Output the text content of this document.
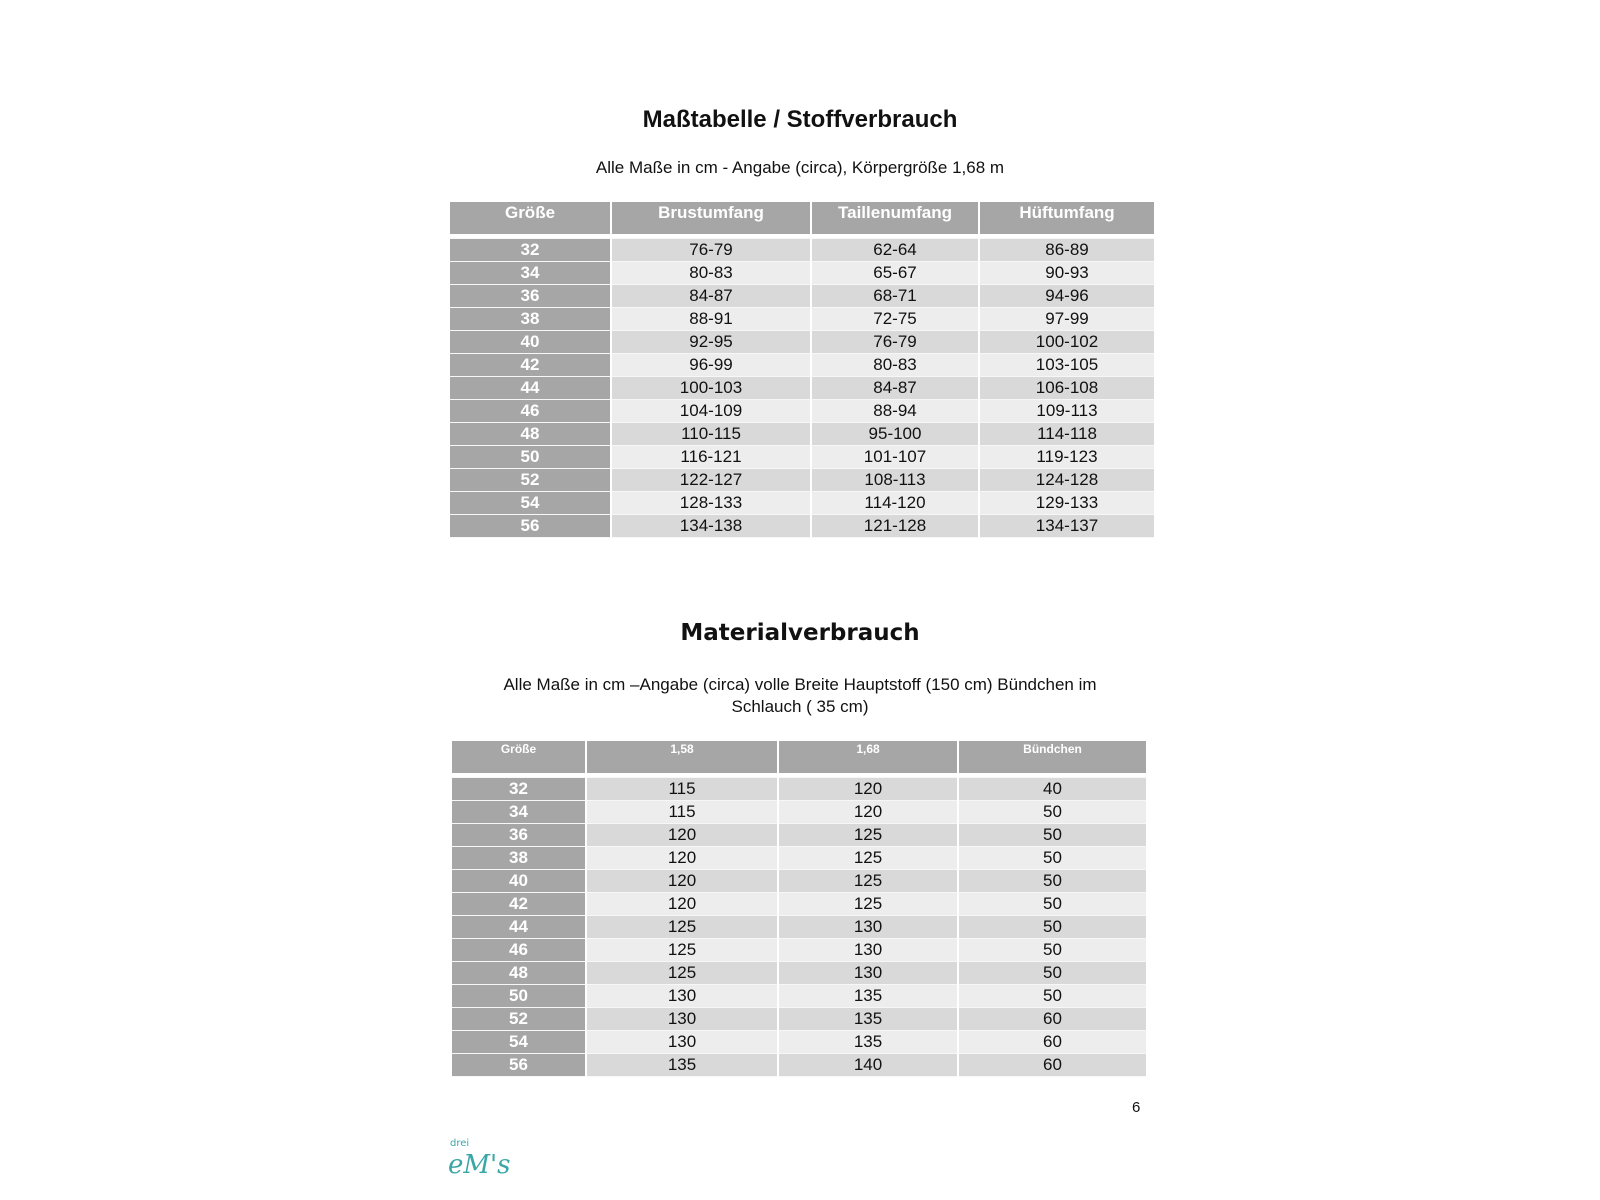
Maßtabelle / Stoffverbrauch

Alle Maße in cm - Angabe (circa), Körpergröße 1,68 m

Größe	Brustumfang	Taillenumfang	Hüftumfang

32	76-79	62-64	86-89
34	80-83	65-67	90-93
36	84-87	68-71	94-96
38	88-91	72-75	97-99
40	92-95	76-79	100-102
42	96-99	80-83	103-105
44	100-103	84-87	106-108
46	104-109	88-94	109-113
48	110-115	95-100	114-118
50	116-121	101-107	119-123
52	122-127	108-113	124-128
54	128-133	114-120	129-133
56	134-138	121-128	134-137
Materialverbrauch

Alle Maße in cm –Angabe (circa) volle Breite Hauptstoff (150 cm) Bündchen im Schlauch ( 35 cm)

Größe	1,58	1,68	Bündchen

32	115	120	40
34	115	120	50
36	120	125	50
38	120	125	50
40	120	125	50
42	120	125	50
44	125	130	50
46	125	130	50
48	125	130	50
50	130	135	50
52	130	135	60
54	130	135	60
56	135	140	60

6

drei
eM's
